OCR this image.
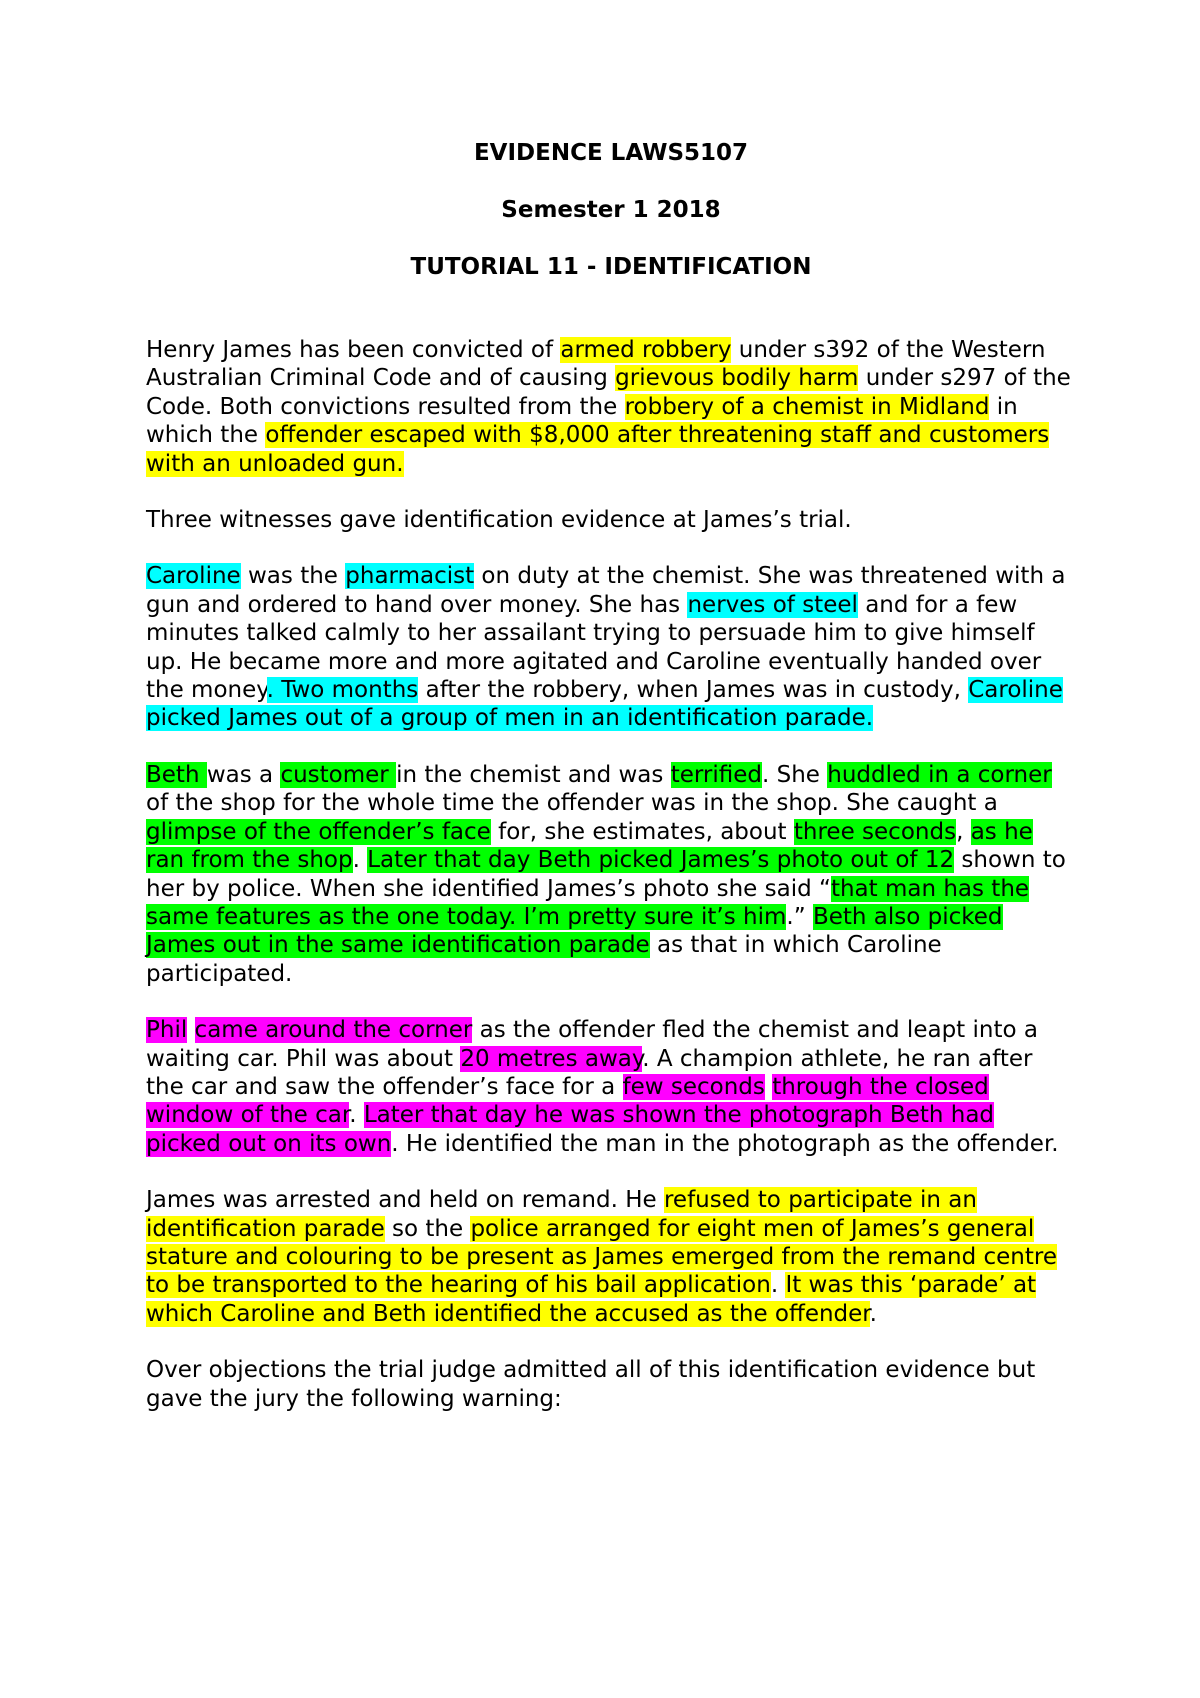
EVIDENCE LAWS5107
Semester 1 2018
TUTORIAL 11 - IDENTIFICATION
Henry James has been convicted of armed robbery under s392 of the Western Australian Criminal Code and of causing grievous bodily harm under s297 of the Code. Both convictions resulted from the robbery of a chemist in Midland in which the offender escaped with $8,000 after threatening staff and customers with an unloaded gun.
Three witnesses gave identification evidence at James’s trial.
Caroline was the pharmacist on duty at the chemist. She was threatened with a gun and ordered to hand over money. She has nerves of steel and for a few minutes talked calmly to her assailant trying to persuade him to give himself up. He became more and more agitated and Caroline eventually handed over the money. Two months after the robbery, when James was in custody, Caroline picked James out of a group of men in an identification parade.
Beth was a customer in the chemist and was terrified. She huddled in a corner of the shop for the whole time the offender was in the shop. She caught a glimpse of the offender’s face for, she estimates, about three seconds, as he ran from the shop. Later that day Beth picked James’s photo out of 12 shown to her by police. When she identified James’s photo she said “that man has the same features as the one today. I’m pretty sure it’s him.” Beth also picked James out in the same identification parade as that in which Caroline participated.
Phil came around the corner as the offender fled the chemist and leapt into a waiting car. Phil was about 20 metres away. A champion athlete, he ran after the car and saw the offender’s face for a few seconds through the closed window of the car. Later that day he was shown the photograph Beth had picked out on its own. He identified the man in the photograph as the offender.
James was arrested and held on remand. He refused to participate in an identification parade so the police arranged for eight men of James’s general stature and colouring to be present as James emerged from the remand centre to be transported to the hearing of his bail application. It was this ‘parade’ at which Caroline and Beth identified the accused as the offender.
Over objections the trial judge admitted all of this identification evidence but gave the jury the following warning:
